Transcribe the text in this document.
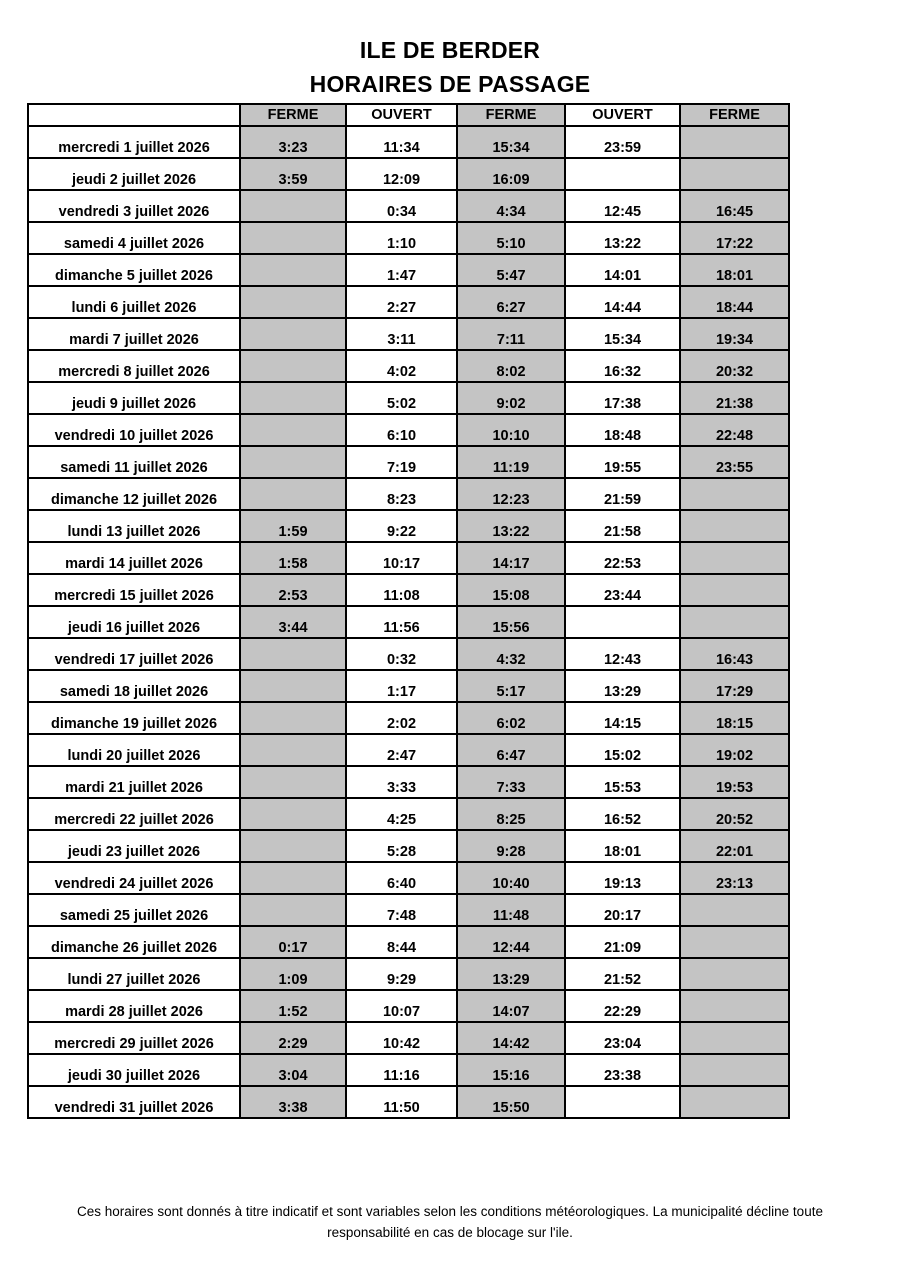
ILE DE BERDER
HORAIRES DE PASSAGE
	FERME	OUVERT	FERME	OUVERT	FERME
mercredi 1 juillet 2026	3:23	11:34	15:34	23:59	
jeudi 2 juillet 2026	3:59	12:09	16:09		
vendredi 3 juillet 2026		0:34	4:34	12:45	16:45
samedi 4 juillet 2026		1:10	5:10	13:22	17:22
dimanche 5 juillet 2026		1:47	5:47	14:01	18:01
lundi 6 juillet 2026		2:27	6:27	14:44	18:44
mardi 7 juillet 2026		3:11	7:11	15:34	19:34
mercredi 8 juillet 2026		4:02	8:02	16:32	20:32
jeudi 9 juillet 2026		5:02	9:02	17:38	21:38
vendredi 10 juillet 2026		6:10	10:10	18:48	22:48
samedi 11 juillet 2026		7:19	11:19	19:55	23:55
dimanche 12 juillet 2026		8:23	12:23	21:59	
lundi 13 juillet 2026	1:59	9:22	13:22	21:58	
mardi 14 juillet 2026	1:58	10:17	14:17	22:53	
mercredi 15 juillet 2026	2:53	11:08	15:08	23:44	
jeudi 16 juillet 2026	3:44	11:56	15:56		
vendredi 17 juillet 2026		0:32	4:32	12:43	16:43
samedi 18 juillet 2026		1:17	5:17	13:29	17:29
dimanche 19 juillet 2026		2:02	6:02	14:15	18:15
lundi 20 juillet 2026		2:47	6:47	15:02	19:02
mardi 21 juillet 2026		3:33	7:33	15:53	19:53
mercredi 22 juillet 2026		4:25	8:25	16:52	20:52
jeudi 23 juillet 2026		5:28	9:28	18:01	22:01
vendredi 24 juillet 2026		6:40	10:40	19:13	23:13
samedi 25 juillet 2026		7:48	11:48	20:17	
dimanche 26 juillet 2026	0:17	8:44	12:44	21:09	
lundi 27 juillet 2026	1:09	9:29	13:29	21:52	
mardi 28 juillet 2026	1:52	10:07	14:07	22:29	
mercredi 29 juillet 2026	2:29	10:42	14:42	23:04	
jeudi 30 juillet 2026	3:04	11:16	15:16	23:38	
vendredi 31 juillet 2026	3:38	11:50	15:50		
Ces horaires sont donnés à titre indicatif et sont variables selon les conditions météorologiques. La municipalité décline toute responsabilité en cas de blocage sur l'ile.
